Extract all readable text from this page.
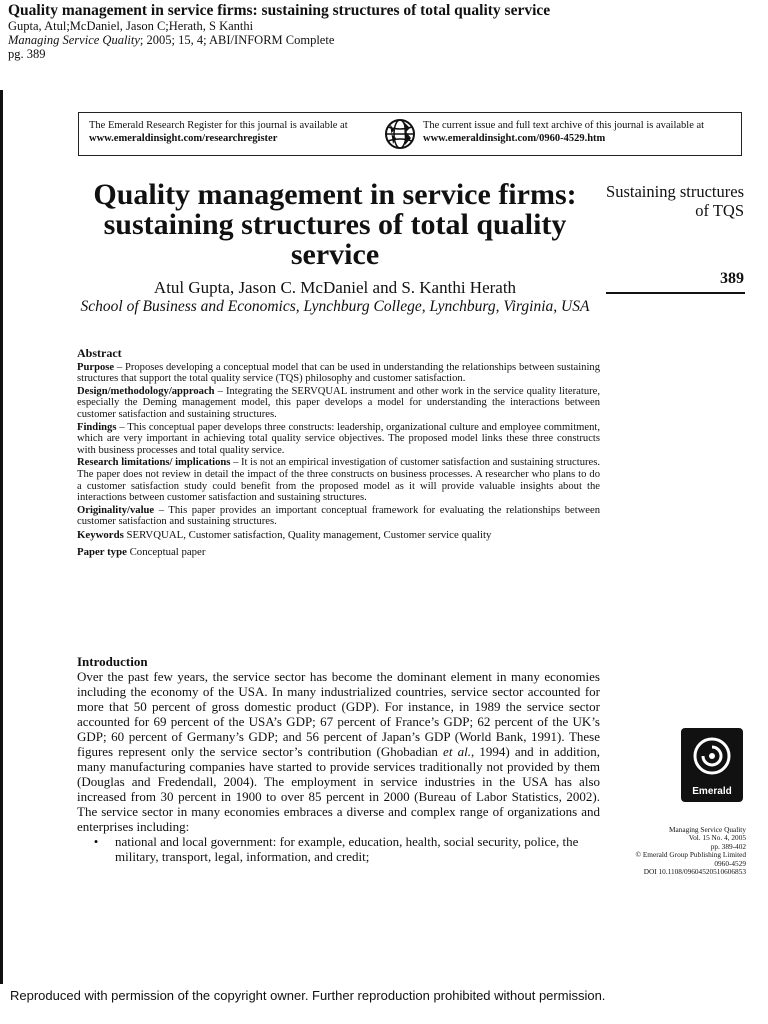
Quality management in service firms: sustaining structures of total quality service
Gupta, Atul;McDaniel, Jason C;Herath, S Kanthi
Managing Service Quality; 2005; 15, 4; ABI/INFORM Complete
pg. 389
The Emerald Research Register for this journal is available at
www.emeraldinsight.com/researchregister
The current issue and full text archive of this journal is available at
www.emeraldinsight.com/0960-4529.htm
Quality management in service firms: sustaining structures of total quality service
Atul Gupta, Jason C. McDaniel and S. Kanthi Herath
School of Business and Economics, Lynchburg College, Lynchburg, Virginia, USA
Sustaining structures of TQS
389
Abstract
Purpose – Proposes developing a conceptual model that can be used in understanding the relationships between sustaining structures that support the total quality service (TQS) philosophy and customer satisfaction.
Design/methodology/approach – Integrating the SERVQUAL instrument and other work in the service quality literature, especially the Deming management model, this paper develops a model for understanding the interactions between customer satisfaction and sustaining structures.
Findings – This conceptual paper develops three constructs: leadership, organizational culture and employee commitment, which are very important in achieving total quality service objectives. The proposed model links these three constructs with business processes and total quality service.
Research limitations/ implications – It is not an empirical investigation of customer satisfaction and sustaining structures. The paper does not review in detail the impact of the three constructs on business processes. A researcher who plans to do a customer satisfaction study could benefit from the proposed model as it will provide valuable insights about the interactions between customer satisfaction and sustaining structures.
Originality/value – This paper provides an important conceptual framework for evaluating the relationships between customer satisfaction and sustaining structures.
Keywords SERVQUAL, Customer satisfaction, Quality management, Customer service quality
Paper type Conceptual paper
Introduction
Over the past few years, the service sector has become the dominant element in many economies including the economy of the USA. In many industrialized countries, service sector accounted for more that 50 percent of gross domestic product (GDP). For instance, in 1989 the service sector accounted for 69 percent of the USA’s GDP; 67 percent of France’s GDP; 62 percent of the UK’s GDP; 60 percent of Germany’s GDP; and 56 percent of Japan’s GDP (World Bank, 1991). These figures represent only the service sector’s contribution (Ghobadian et al., 1994) and in addition, many manufacturing companies have started to provide services traditionally not provided by them (Douglas and Fredendall, 2004). The employment in service industries in the USA has also increased from 30 percent in 1900 to over 85 percent in 2000 (Bureau of Labor Statistics, 2002). The service sector in many economies embraces a diverse and complex range of organizations and enterprises including:
•	national and local government: for example, education, health, social security, police, the military, transport, legal, information, and credit;
Emerald
Managing Service Quality
Vol. 15 No. 4, 2005
pp. 389-402
© Emerald Group Publishing Limited
0960-4529
DOI 10.1108/09604520510606853
Reproduced with permission of the copyright owner. Further reproduction prohibited without permission.
